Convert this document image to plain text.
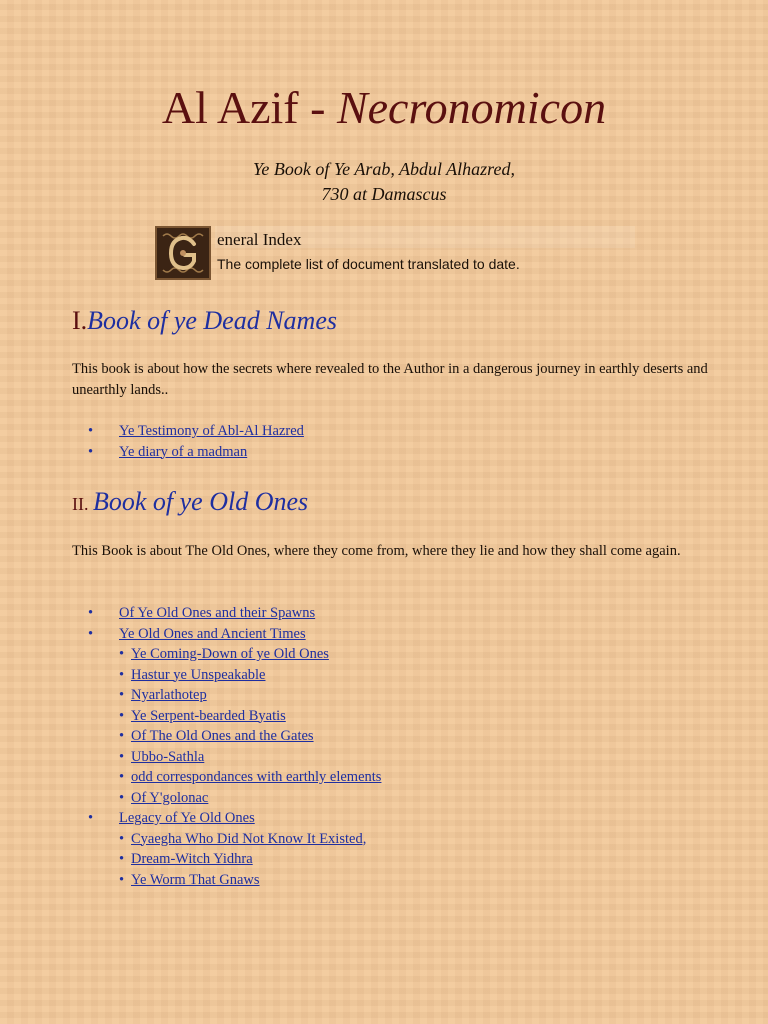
Al Azif - Necronomicon
Ye Book of Ye Arab, Abdul Alhazred,
730 at Damascus
eneral Index
The complete list of document translated to date.
I.Book of ye Dead Names

This book is about how the secrets where revealed to the Author in a dangerous journey in earthly deserts and unearthly lands..

• Ye Testimony of Abl-Al Hazred
• Ye diary of a madman
II. Book of ye Old Ones

This Book is about The Old Ones, where they come from, where they lie and how they shall come again.

• Of Ye Old Ones and their Spawns
• Ye Old Ones and Ancient Times
• Ye Coming-Down of ye Old Ones
• Hastur ye Unspeakable
• Nyarlathotep
• Ye Serpent-bearded Byatis
• Of The Old Ones and the Gates
• Ubbo-Sathla
• odd correspondances with earthly elements
• Of Y'golonac
• Legacy of Ye Old Ones
• Cyaegha Who Did Not Know It Existed,
• Dream-Witch Yidhra
• Ye Worm That Gnaws
